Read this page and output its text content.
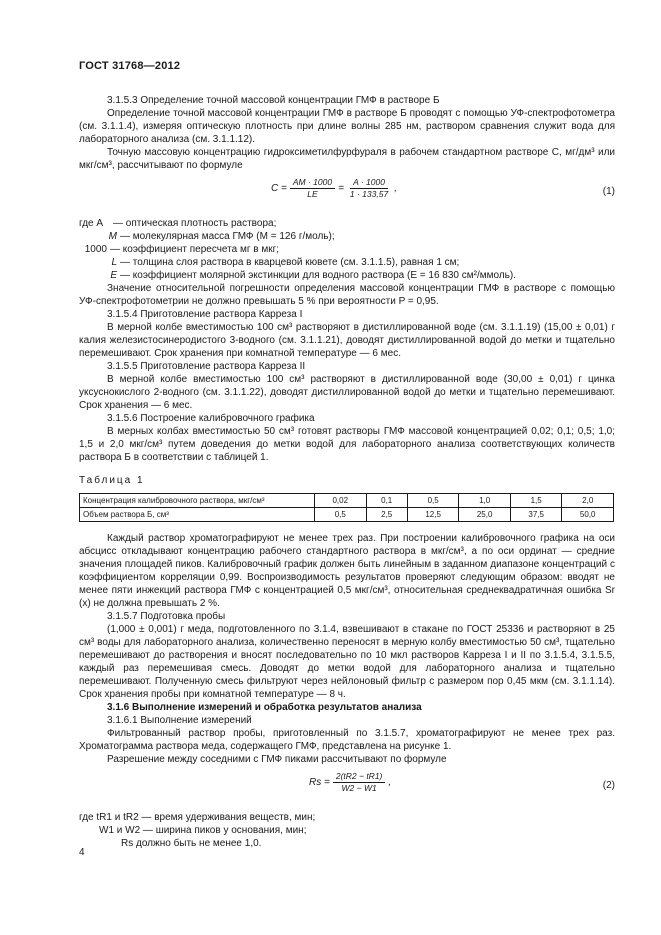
ГОСТ 31768—2012

3.1.5.3 Определение точной массовой концентрации ГМФ в растворе Б

Определение точной массовой концентрации ГМФ в растворе Б проводят с помощью УФ-спектрофотометра (см. 3.1.1.4), измеряя оптическую плотность при длине волны 285 нм, раствором сравнения служит вода для лабораторного анализа (см. 3.1.1.12).

Точную массовую концентрацию гидроксиметилфурфураля в рабочем стандартном растворе С, мг/дм³ или мкг/см³, рассчитывают по формуле

$C = \frac{AM \cdot 1000}{LE} = \frac{A \cdot 1000}{1 \cdot 133,57}$ ,	(1)
где A — оптическая плотность раствора;
M — молекулярная масса ГМФ (М = 126 г/моль);
1000 — коэффициент пересчета мг в мкг;
L — толщина слоя раствора в кварцевой кювете (см. 3.1.1.5), равная 1 см;
E — коэффициент молярной экстинкции для водного раствора (E = 16 830 см²/ммоль).

Значение относительной погрешности определения массовой концентрации ГМФ в растворе с помощью УФ-спектрофотометрии не должно превышать 5 % при вероятности P = 0,95.

3.1.5.4 Приготовление раствора Карреза I

В мерной колбе вместимостью 100 см³ растворяют в дистиллированной воде (см. 3.1.1.19) (15,00 ± 0,01) г калия железистосинеродистого 3-водного (см. 3.1.1.21), доводят дистиллированной водой до метки и тщательно перемешивают. Срок хранения при комнатной температуре — 6 мес.

3.1.5.5 Приготовление раствора Карреза II

В мерной колбе вместимостью 100 см³ растворяют в дистиллированной воде (30,00 ± 0,01) г цинка уксуснокислого 2-водного (см. 3.1.1.22), доводят дистиллированной водой до метки и тщательно перемешивают. Срок хранения — 6 мес.

3.1.5.6 Построение калибровочного графика

В мерных колбах вместимостью 50 см³ готовят растворы ГМФ массовой концентрацией 0,02; 0,1; 0,5; 1,0; 1,5 и 2,0 мкг/см³ путем доведения до метки водой для лабораторного анализа соответствующих количеств раствора Б в соответствии с таблицей 1.

Таблица 1
Концентрация калибровочного раствора, мкг/см³	0,02	0,1	0,5	1,0	1,5	2,0
Объем раствора Б, см³	0,5	2,5	12,5	25,0	37,5	50,0

Каждый раствор хроматографируют не менее трех раз. При построении калибровочного графика на оси абсцисс откладывают концентрацию рабочего стандартного раствора в мкг/см³, а по оси ординат — средние значения площадей пиков. Калибровочный график должен быть линейным в заданном диапазоне концентраций с коэффициентом корреляции 0,99. Воспроизводимость результатов проверяют следующим образом: вводят не менее пяти инжекций раствора ГМФ с концентрацией 0,5 мкг/см³, относительная среднеквадратичная ошибка Sr (x) не должна превышать 2 %.

3.1.5.7 Подготовка пробы

(1,000 ± 0,001) г меда, подготовленного по 3.1.4, взвешивают в стакане по ГОСТ 25336 и растворяют в 25 см³ воды для лабораторного анализа, количественно переносят в мерную колбу вместимостью 50 см³, тщательно перемешивают до растворения и вносят последовательно по 10 мкл растворов Карреза I и II по 3.1.5.4, 3.1.5.5, каждый раз перемешивая смесь. Доводят до метки водой для лабораторного анализа и тщательно перемешивают. Полученную смесь фильтруют через нейлоновый фильтр с размером пор 0,45 мкм (см. 3.1.1.14). Срок хранения пробы при комнатной температуре — 8 ч.

3.1.6 Выполнение измерений и обработка результатов анализа

3.1.6.1 Выполнение измерений

Фильтрованный раствор пробы, приготовленный по 3.1.5.7, хроматографируют не менее трех раз. Хроматограмма раствора меда, содержащего ГМФ, представлена на рисунке 1.

Разрешение между соседними с ГМФ пиками рассчитывают по формуле

$Rs = \frac{2(tR2 - tR1)}{W2 - W1}$ ,	(2)
где tR1 и tR2 — время удерживания веществ, мин;
W1 и W2 — ширина пиков у основания, мин;
Rs должно быть не менее 1,0.
4
